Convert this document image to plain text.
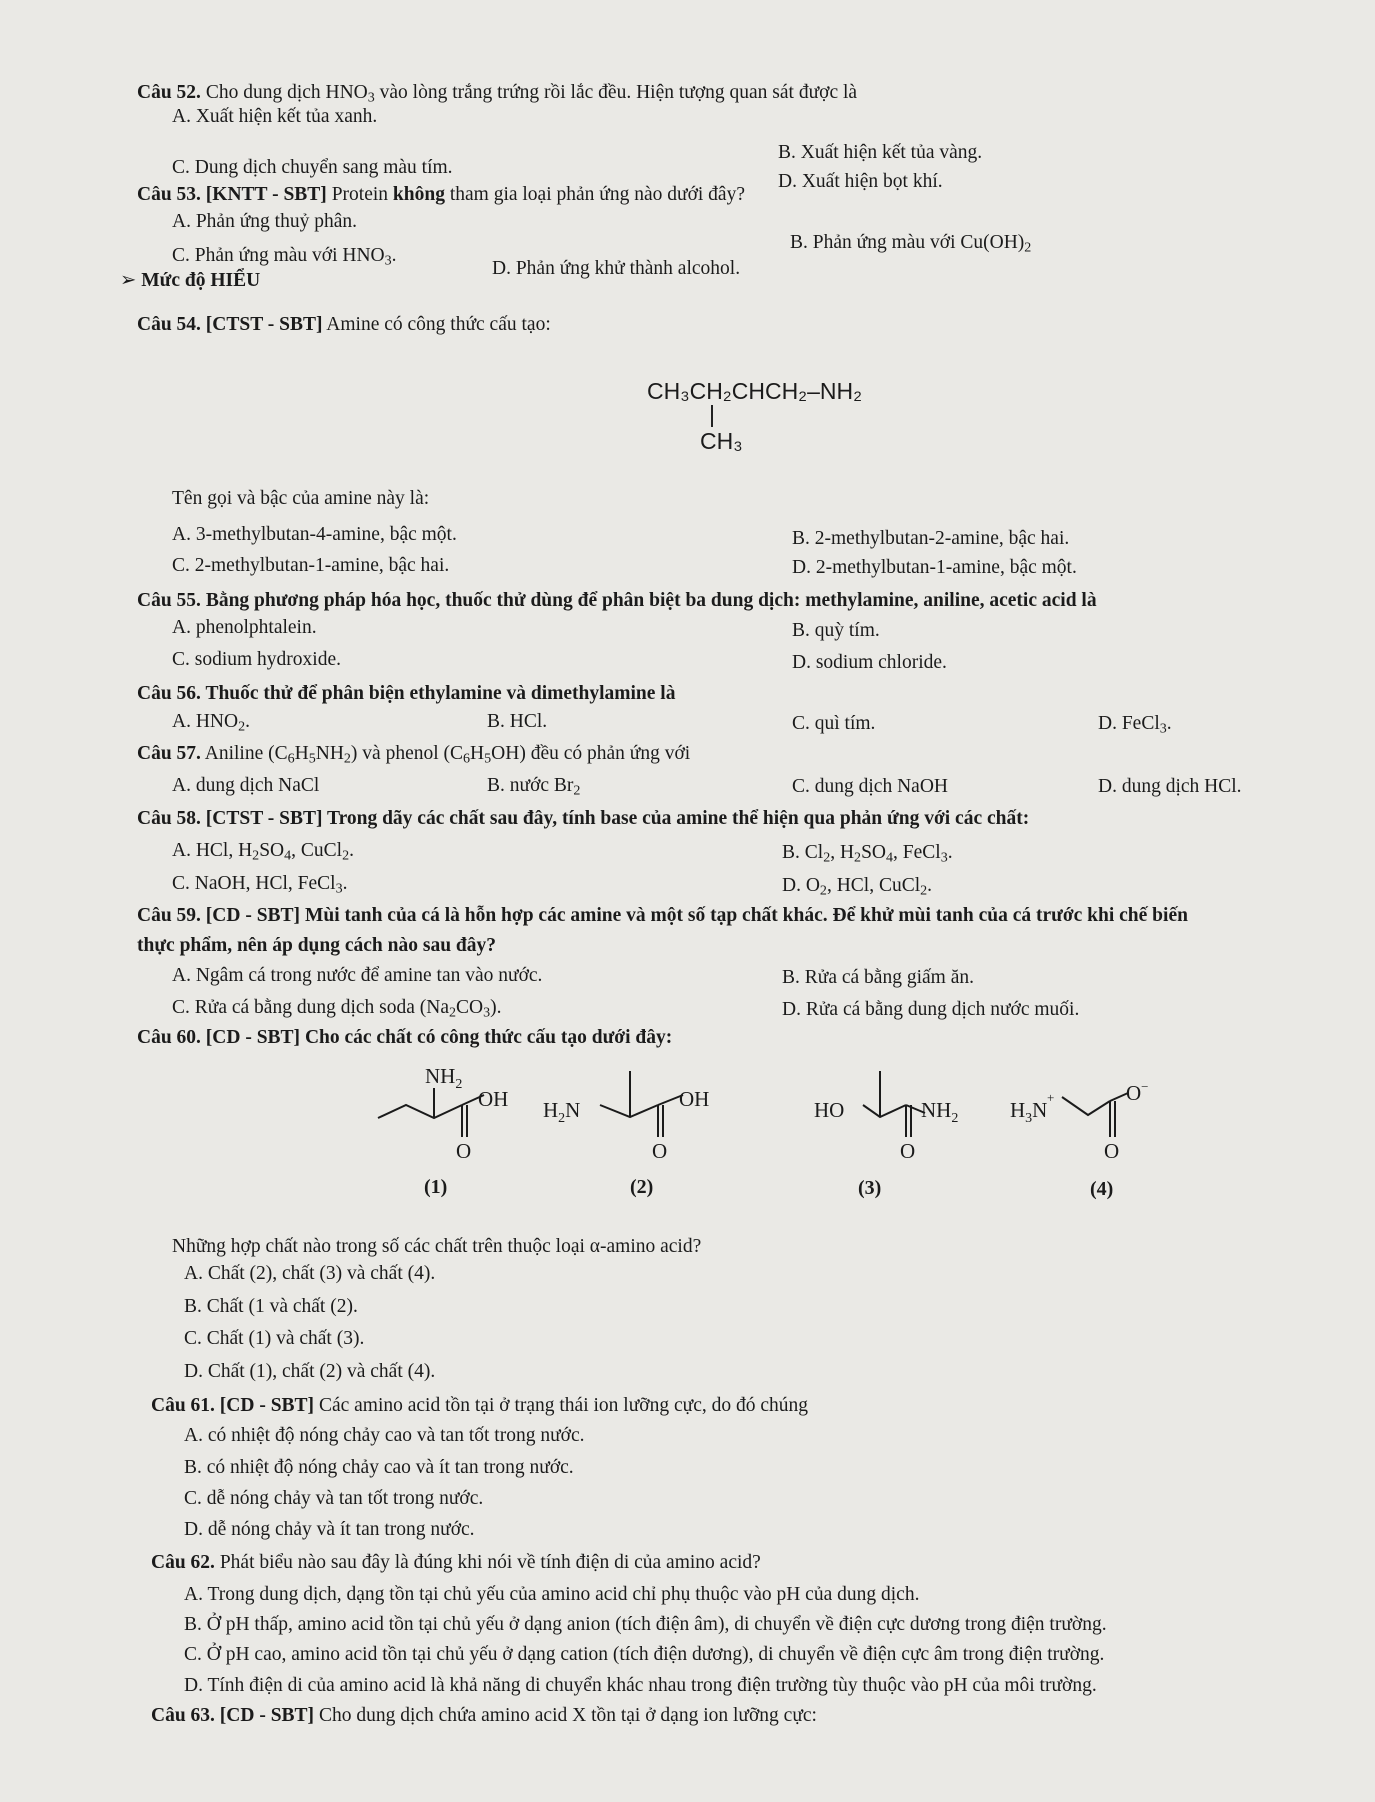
Câu 52. Cho dung dịch $HNO_3$ vào lòng trắng trứng rồi lắc đều. Hiện tượng quan sát được là
A. Xuất hiện kết tủa xanh.
B. Xuất hiện kết tủa vàng.
C. Dung dịch chuyển sang màu tím.
D. Xuất hiện bọt khí.
Câu 53. [KNTT - SBT] Protein không tham gia loại phản ứng nào dưới đây?
A. Phản ứng thuỷ phân.
B. Phản ứng màu với $Cu(OH)_2$
C. Phản ứng màu với $HNO_3$.
D. Phản ứng khử thành alcohol.
➢ Mức độ HIỂU
Câu 54. [CTST - SBT] Amine có công thức cấu tạo:
CH₃CH₂CHCH₂–NH₂
CH₃
Tên gọi và bậc của amine này là:
A. 3-methylbutan-4-amine, bậc một.	B. 2-methylbutan-2-amine, bậc hai.
C. 2-methylbutan-1-amine, bậc hai.	D. 2-methylbutan-1-amine, bậc một.
Câu 55. Bằng phương pháp hóa học, thuốc thử dùng để phân biệt ba dung dịch: methylamine, aniline, acetic acid là
A. phenolphtalein.	B. quỳ tím.
C. sodium hydroxide.	D. sodium chloride.
Câu 56. Thuốc thử để phân biện ethylamine và dimethylamine là
A. $HNO_2$.	B. HCl.	C. quì tím.	D. FeCl$_3$.
Câu 57. Aniline $(C_6H_5NH_2)$ và phenol $(C_6H_5OH)$ đều có phản ứng với
A. dung dịch NaCl	B. nước $Br_2$	C. dung dịch NaOH	D. dung dịch HCl.
Câu 58. [CTST - SBT] Trong dãy các chất sau đây, tính base của amine thể hiện qua phản ứng với các chất:
A. HCl, $H_2SO_4$, CuCl$_2$.	B. $Cl_2$, $H_2SO_4$, FeCl$_3$.
C. NaOH, HCl, FeCl$_3$.	D. $O_2$, HCl, CuCl$_2$.
Câu 59. [CD - SBT] Mùi tanh của cá là hỗn hợp các amine và một số tạp chất khác. Để khử mùi tanh của cá trước khi chế biến
thực phẩm, nên áp dụng cách nào sau đây?
A. Ngâm cá trong nước để amine tan vào nước.	B. Rửa cá bằng giấm ăn.
C. Rửa cá bằng dung dịch soda $(Na_2CO_3)$.	D. Rửa cá bằng dung dịch nước muối.
Câu 60. [CD - SBT] Cho các chất có công thức cấu tạo dưới đây:
$NH_2$
OH
O
$H_2N$	OH
O
HO	$NH_2$
O
$H_3N$
+	O−
O
(1)	(2)	(3)	(4)
Những hợp chất nào trong số các chất trên thuộc loại α-amino acid?
A. Chất (2), chất (3) và chất (4).
B. Chất (1 và chất (2).
C. Chất (1) và chất (3).
D. Chất (1), chất (2) và chất (4).
Câu 61. [CD - SBT] Các amino acid tồn tại ở trạng thái ion lưỡng cực, do đó chúng
A. có nhiệt độ nóng chảy cao và tan tốt trong nước.
B. có nhiệt độ nóng chảy cao và ít tan trong nước.
C. dễ nóng chảy và tan tốt trong nước.
D. dễ nóng chảy và ít tan trong nước.
Câu 62. Phát biểu nào sau đây là đúng khi nói về tính điện di của amino acid?
A. Trong dung dịch, dạng tồn tại chủ yếu của amino acid chỉ phụ thuộc vào pH của dung dịch.
B. Ở pH thấp, amino acid tồn tại chủ yếu ở dạng anion (tích điện âm), di chuyển về điện cực dương trong điện trường.
C. Ở pH cao, amino acid tồn tại chủ yếu ở dạng cation (tích điện dương), di chuyển về điện cực âm trong điện trường.
D. Tính điện di của amino acid là khả năng di chuyển khác nhau trong điện trường tùy thuộc vào pH của môi trường.
Câu 63. [CD - SBT] Cho dung dịch chứa amino acid X tồn tại ở dạng ion lưỡng cực:
